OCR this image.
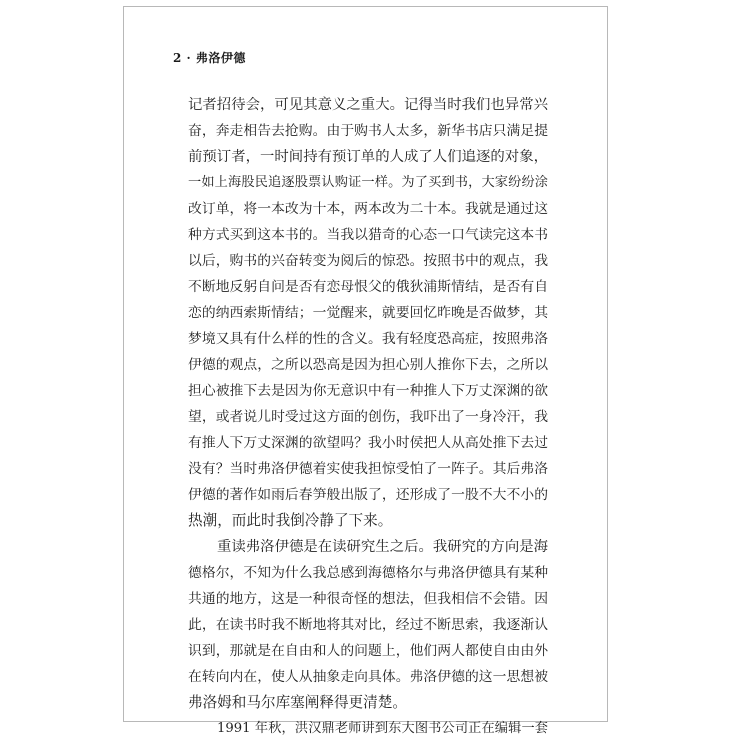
2 · 弗洛伊德
记者招待会，可见其意义之重大。记得当时我们也异常兴
奋，奔走相告去抢购。由于购书人太多，新华书店只满足提
前预订者，一时间持有预订单的人成了人们追逐的对象，
一如上海股民追逐股票认购证一样。为了买到书，大家纷纷涂
改订单，将一本改为十本，两本改为二十本。我就是通过这
种方式买到这本书的。当我以猎奇的心态一口气读完这本书
以后，购书的兴奋转变为阅后的惊恐。按照书中的观点，我
不断地反躬自问是否有恋母恨父的俄狄浦斯情结，是否有自
恋的纳西索斯情结；一觉醒来，就要回忆昨晚是否做梦，其
梦境又具有什么样的性的含义。我有轻度恐高症，按照弗洛
伊德的观点，之所以恐高是因为担心别人推你下去，之所以
担心被推下去是因为你无意识中有一种推人下万丈深渊的欲
望，或者说儿时受过这方面的创伤，我吓出了一身冷汗，我
有推人下万丈深渊的欲望吗？我小时侯把人从高处推下去过
没有？当时弗洛伊德着实使我担惊受怕了一阵子。其后弗洛
伊德的著作如雨后春笋般出版了，还形成了一股不大不小的
热潮，而此时我倒冷静了下来。
重读弗洛伊德是在读研究生之后。我研究的方向是海
德格尔，不知为什么我总感到海德格尔与弗洛伊德具有某种
共通的地方，这是一种很奇怪的想法，但我相信不会错。因
此，在读书时我不断地将其对比，经过不断思索，我逐渐认
识到，那就是在自由和人的问题上，他们两人都使自由由外
在转向内在，使人从抽象走向具体。弗洛伊德的这一思想被
弗洛姆和马尔库塞阐释得更清楚。
1991 年秋，洪汉鼎老师讲到东大图书公司正在编辑一套
